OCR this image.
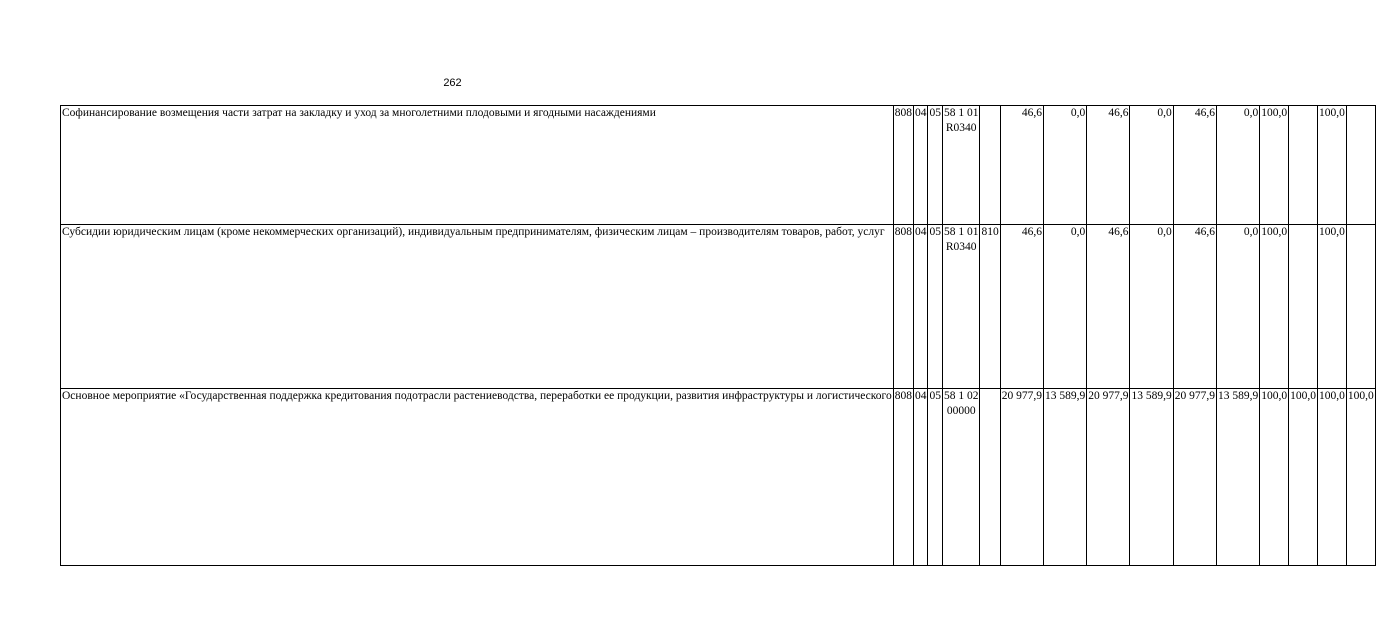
262
Софинансирование возмещения части затрат на закладку и уход за многолетними плодовыми и ягодными насаждениями	808	04	05	58 1 01
R0340		46,6	0,0	46,6	0,0	46,6	0,0	100,0		100,0	
Субсидии юридическим лицам (кроме некоммерческих организаций), индивидуальным предпринимателям, физическим лицам – производителям товаров, работ, услуг	808	04	05	58 1 01
R0340	810	46,6	0,0	46,6	0,0	46,6	0,0	100,0		100,0	
Основное мероприятие «Государственная поддержка кредитования подотрасли растениеводства, переработки ее продукции, развития инфраструктуры и логистического	808	04	05	58 1 02
00000		20 977,9	13 589,9	20 977,9	13 589,9	20 977,9	13 589,9	100,0	100,0	100,0	100,0
